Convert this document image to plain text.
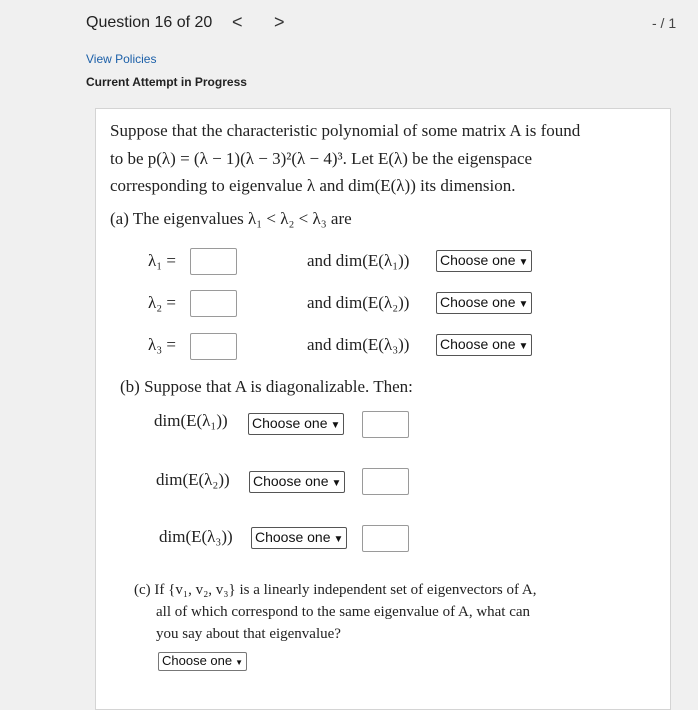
Question 16 of 20 < >	- / 1
View Policies
Current Attempt in Progress
Suppose that the characteristic polynomial of some matrix A is found
to be p(λ) = (λ − 1)(λ − 3)²(λ − 4)³. Let E(λ) be the eigenspace
corresponding to eigenvalue λ and dim(E(λ)) its dimension.
(a) The eigenvalues λ₁ < λ₂ < λ₃ are
λ₁ =	and dim(E(λ₁)) Choose one ▼
λ₂ =	and dim(E(λ₂)) Choose one ▼
λ₃ =	and dim(E(λ₃)) Choose one ▼
(b) Suppose that A is diagonalizable. Then:
dim(E(λ₁)) Choose one ▼
dim(E(λ₂)) Choose one ▼
dim(E(λ₃)) Choose one ▼
(c) If {v₁, v₂, v₃} is a linearly independent set of eigenvectors of A,
all of which correspond to the same eigenvalue of A, what can
you say about that eigenvalue?
Choose one ▼
